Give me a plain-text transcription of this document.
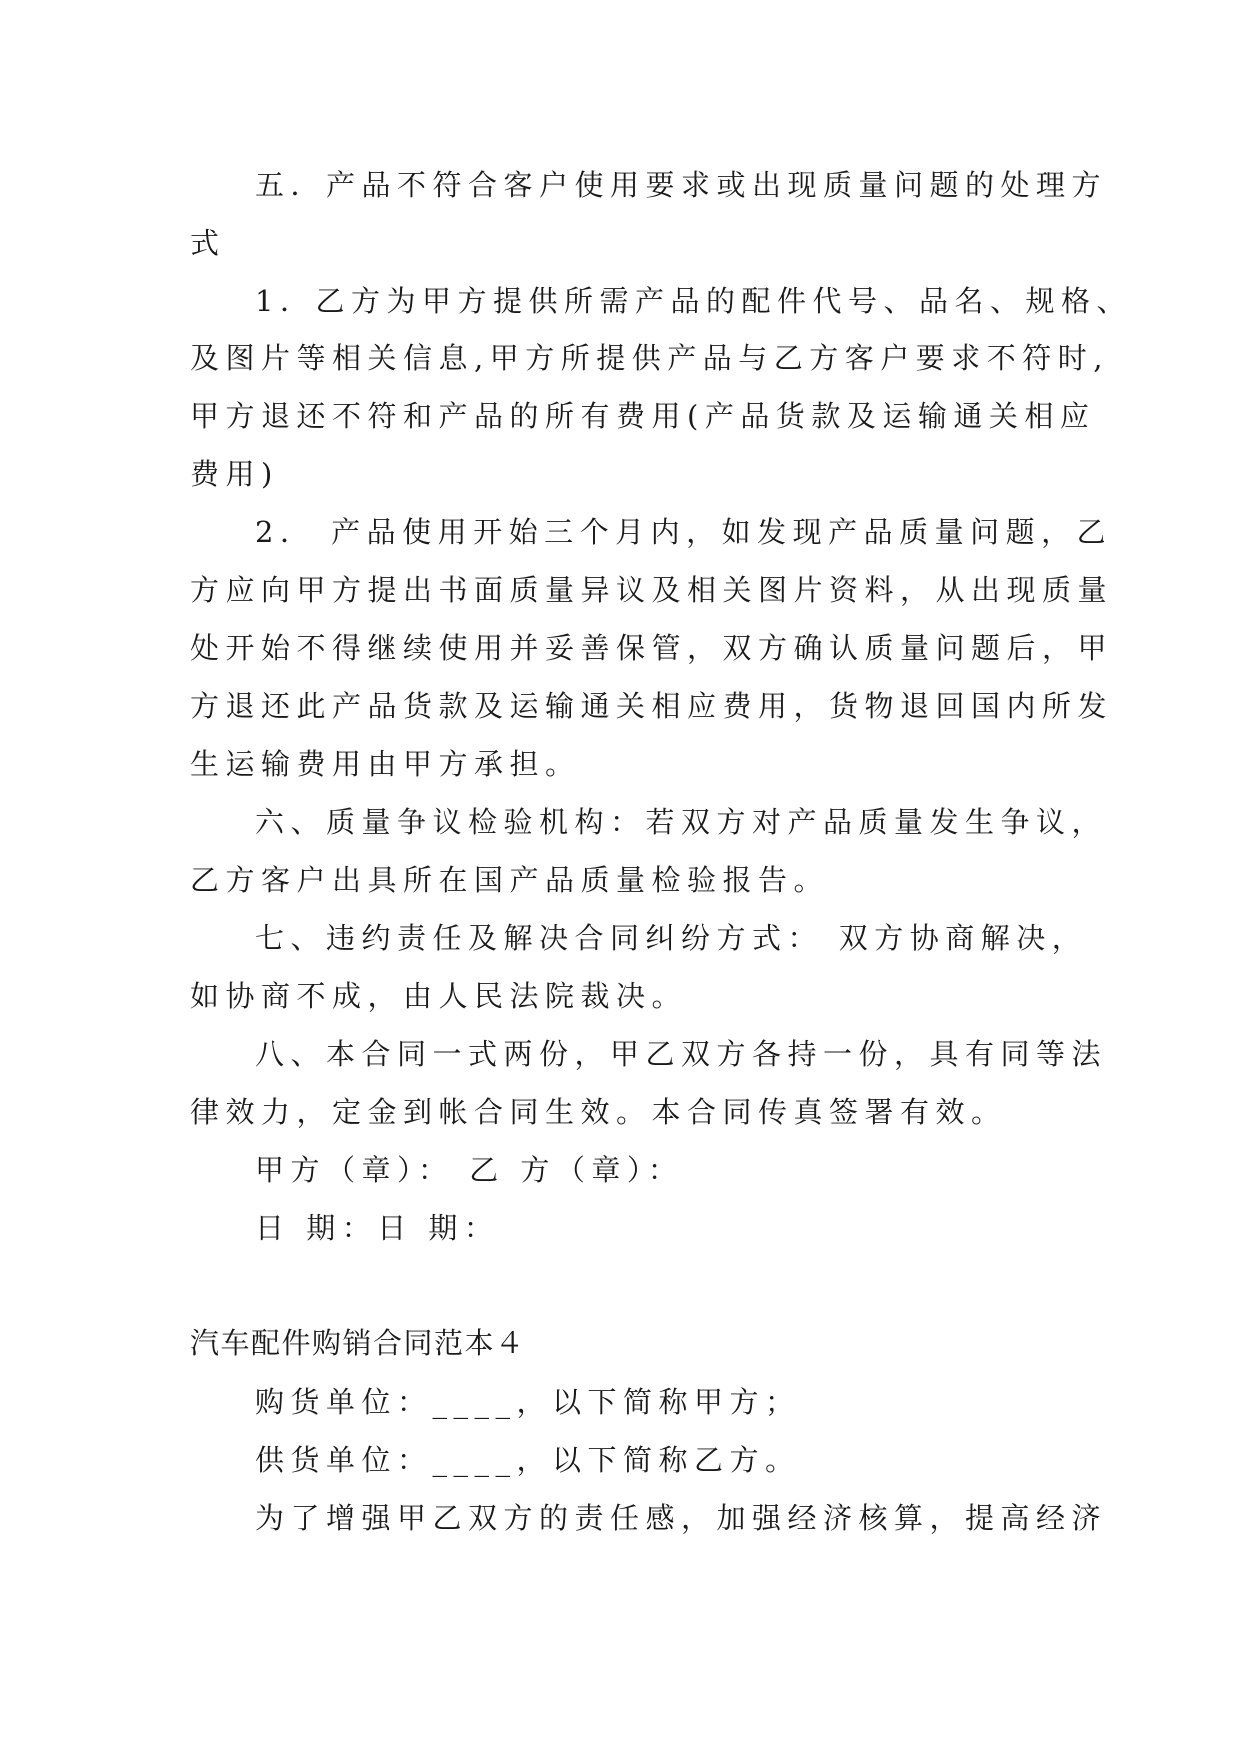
五．产品不符合客户使用要求或出现质量问题的处理方
式
1．乙方为甲方提供所需产品的配件代号、品名、规格、
及图片等相关信息,甲方所提供产品与乙方客户要求不符时,
甲方退还不符和产品的所有费用(产品货款及运输通关相应
费用)
2． 产品使用开始三个月内，如发现产品质量问题，乙
方应向甲方提出书面质量异议及相关图片资料，从出现质量
处开始不得继续使用并妥善保管，双方确认质量问题后，甲
方退还此产品货款及运输通关相应费用，货物退回国内所发
生运输费用由甲方承担。
六、质量争议检验机构：若双方对产品质量发生争议，
乙方客户出具所在国产品质量检验报告。
七、违约责任及解决合同纠纷方式： 双方协商解决，
如协商不成，由人民法院裁决。
八、本合同一式两份，甲乙双方各持一份，具有同等法
律效力，定金到帐合同生效。本合同传真签署有效。
甲方（章）： 乙 方（章）：
日 期：日 期：
汽车配件购销合同范本４
购货单位：____，以下简称甲方；
供货单位：____，以下简称乙方。
为了增强甲乙双方的责任感，加强经济核算，提高经济
